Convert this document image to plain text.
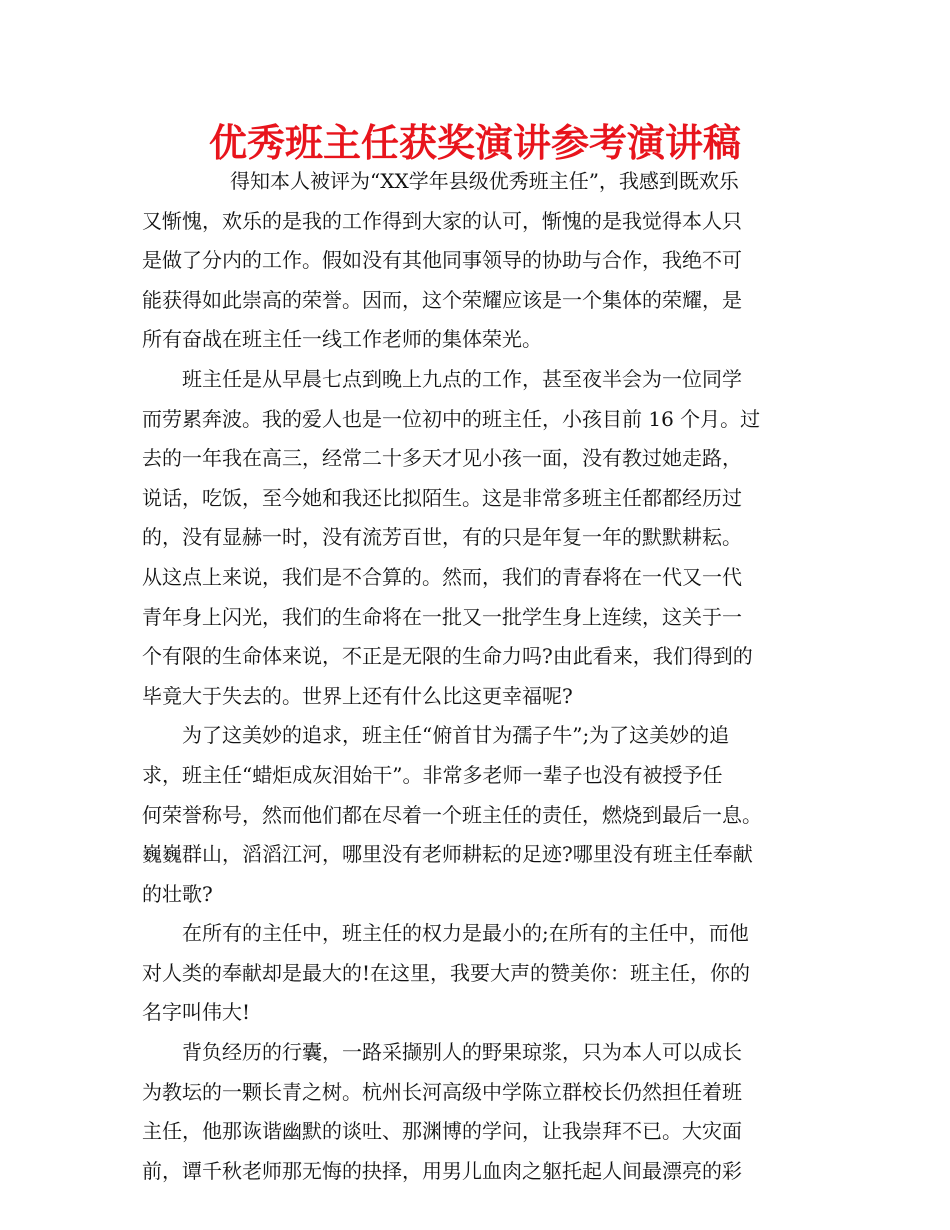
优秀班主任获奖演讲参考演讲稿

得知本人被评为“XX学年县级优秀班主任”，我感到既欢乐

又惭愧，欢乐的是我的工作得到大家的认可，惭愧的是我觉得本人只

是做了分内的工作。假如没有其他同事领导的协助与合作，我绝不可

能获得如此崇高的荣誉。因而，这个荣耀应该是一个集体的荣耀，是

所有奋战在班主任一线工作老师的集体荣光。

班主任是从早晨七点到晚上九点的工作，甚至夜半会为一位同学

而劳累奔波。我的爱人也是一位初中的班主任，小孩目前 16 个月。过

去的一年我在高三，经常二十多天才见小孩一面，没有教过她走路，

说话，吃饭，至今她和我还比拟陌生。这是非常多班主任都都经历过

的，没有显赫一时，没有流芳百世，有的只是年复一年的默默耕耘。

从这点上来说，我们是不合算的。然而，我们的青春将在一代又一代

青年身上闪光，我们的生命将在一批又一批学生身上连续，这关于一

个有限的生命体来说，不正是无限的生命力吗?由此看来，我们得到的

毕竟大于失去的。世界上还有什么比这更幸福呢?

为了这美妙的追求，班主任“俯首甘为孺子牛”;为了这美妙的追

求，班主任“蜡炬成灰泪始干”。非常多老师一辈子也没有被授予任

何荣誉称号，然而他们都在尽着一个班主任的责任，燃烧到最后一息。

巍巍群山，滔滔江河，哪里没有老师耕耘的足迹?哪里没有班主任奉献

的壮歌?

在所有的主任中，班主任的权力是最小的;在所有的主任中，而他

对人类的奉献却是最大的!在这里，我要大声的赞美你：班主任，你的

名字叫伟大!

背负经历的行囊，一路采撷别人的野果琼浆，只为本人可以成长

为教坛的一颗长青之树。杭州长河高级中学陈立群校长仍然担任着班

主任，他那诙谐幽默的谈吐、那渊博的学问，让我崇拜不已。大灾面

前，谭千秋老师那无悔的抉择，用男儿血肉之躯托起人间最漂亮的彩
